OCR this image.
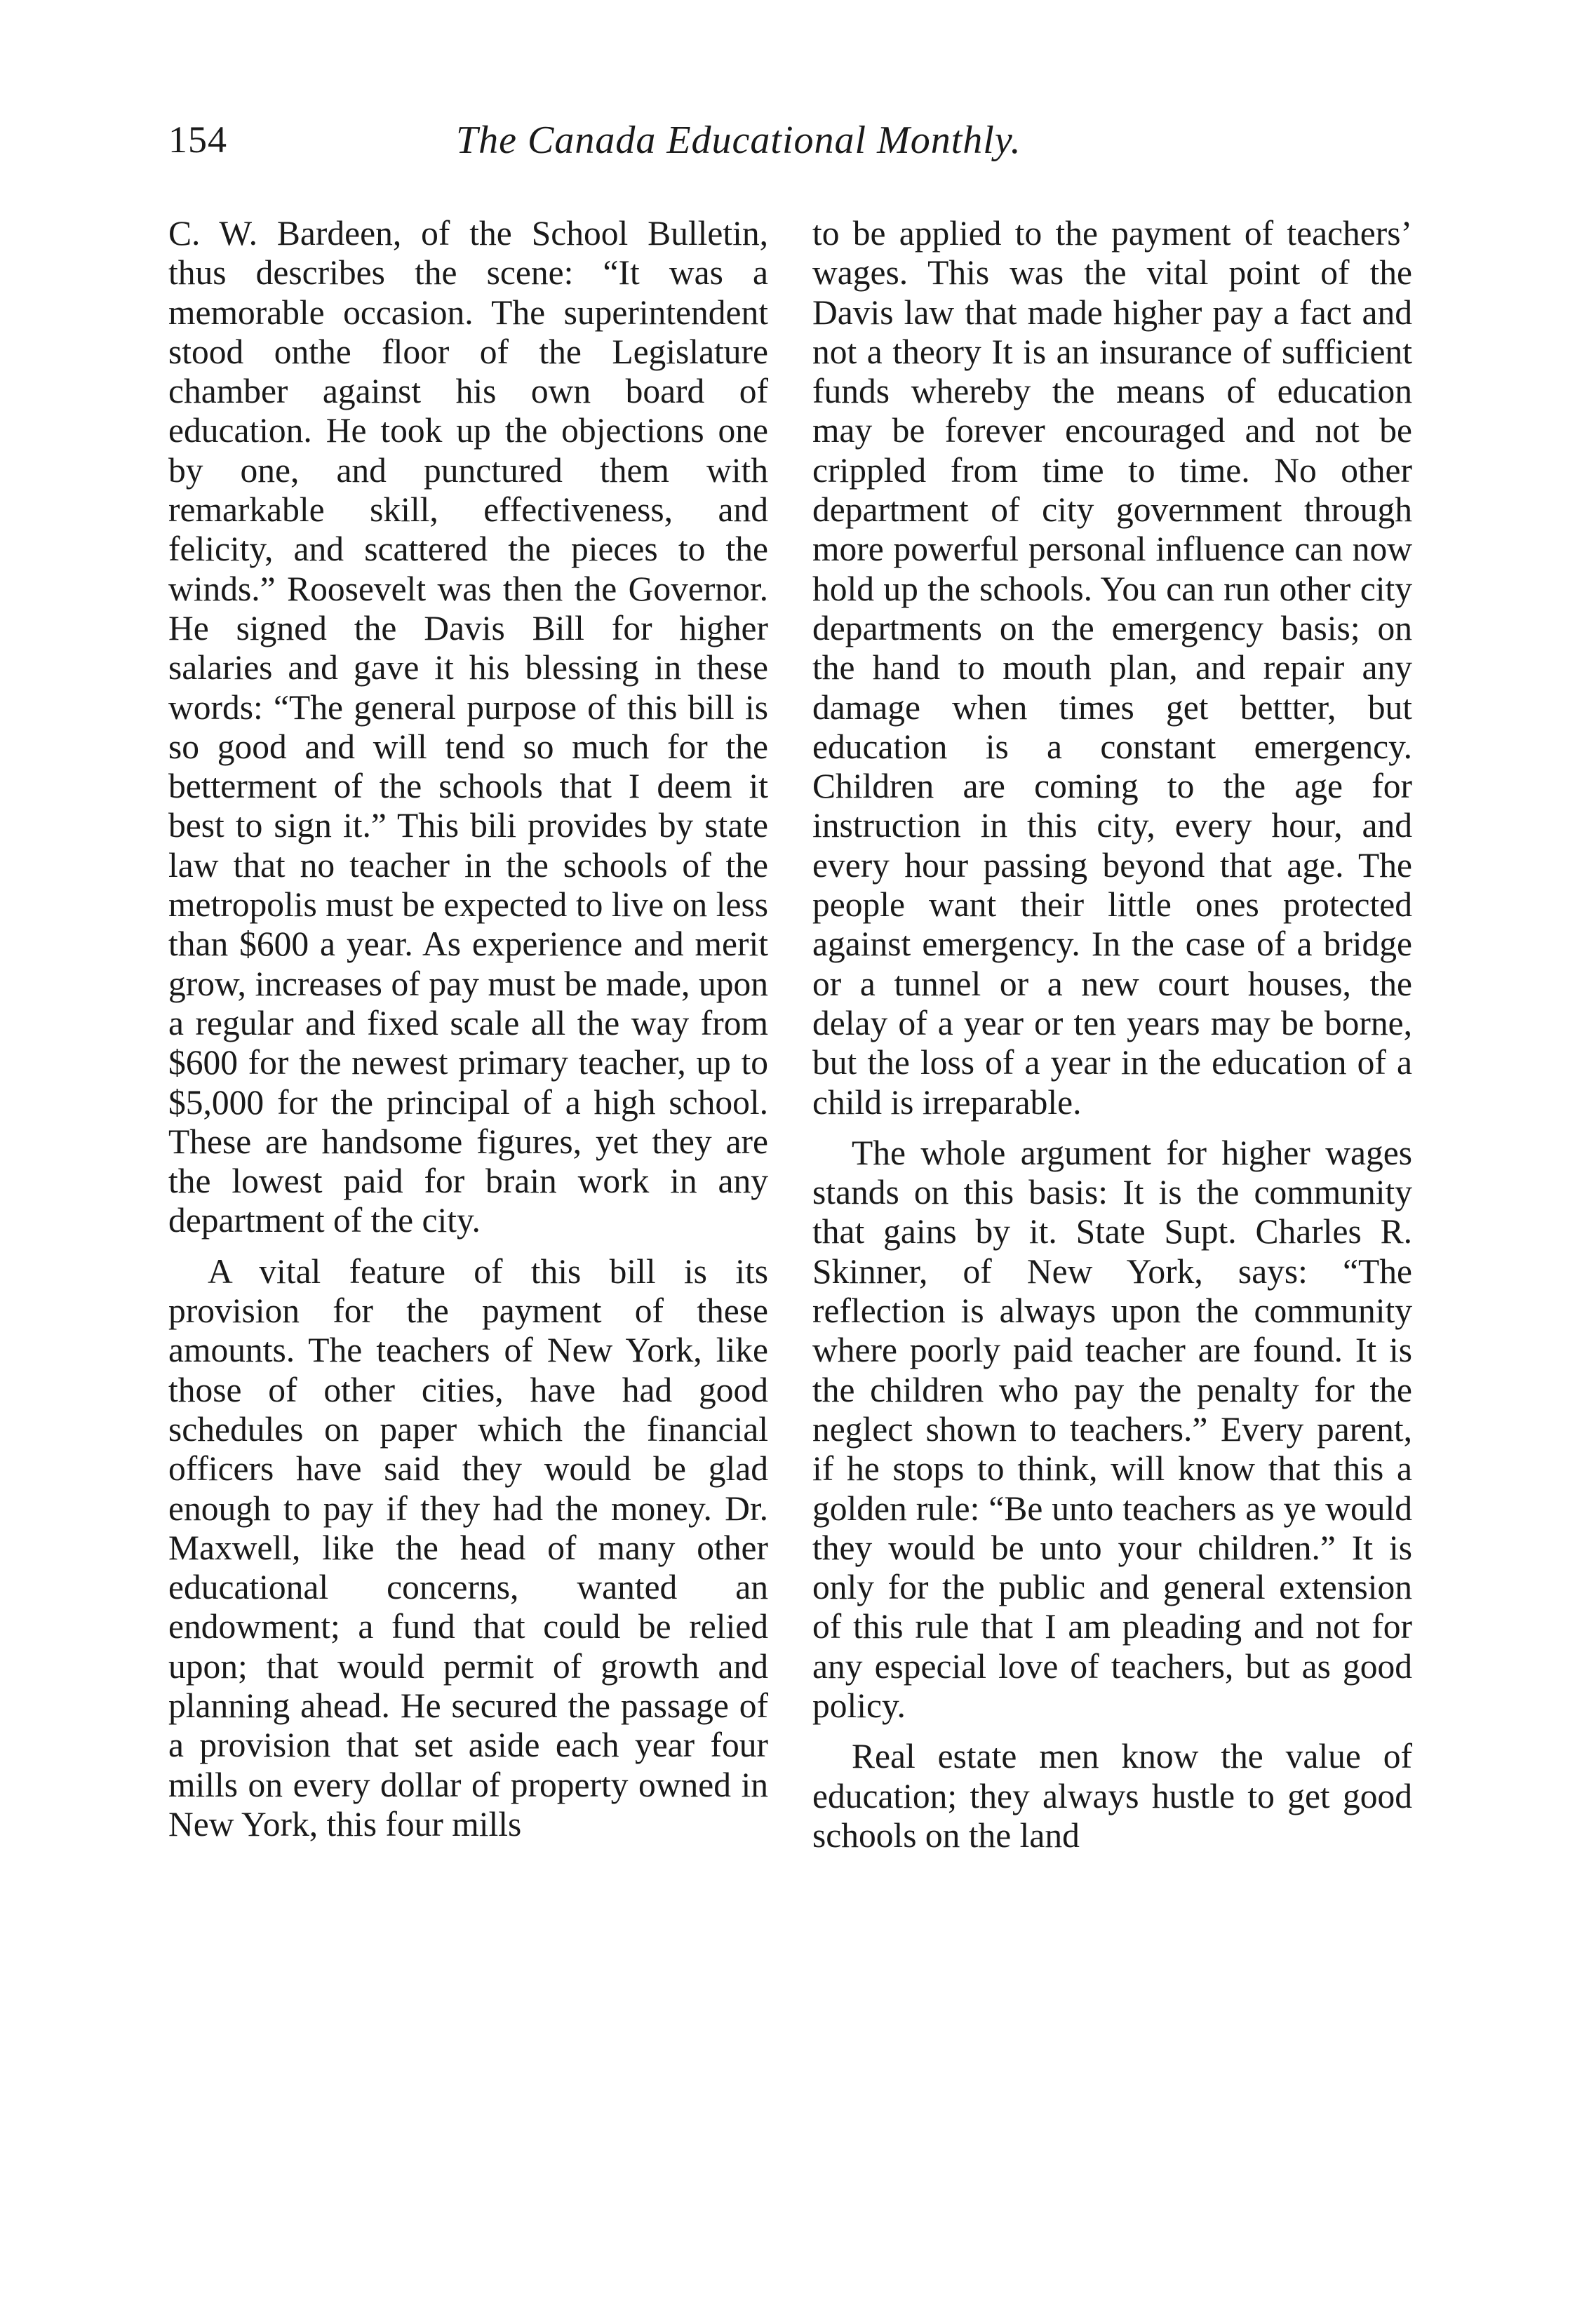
154	The Canada Educational Monthly.

C. W. Bardeen, of the School Bulletin, thus describes the scene: “It was a memorable occasion. The superintendent stood onthe floor of the Legislature chamber against his own board of education. He took up the objections one by one, and punctured them with remarkable skill, effectiveness, and felicity, and scattered the pieces to the winds.” Roosevelt was then the Governor. He signed the Davis Bill for higher salaries and gave it his blessing in these words: “The general purpose of this bill is so good and will tend so much for the betterment of the schools that I deem it best to sign it.” This bili provides by state law that no teacher in the schools of the metropolis must be expected to live on less than $600 a year. As experience and merit grow, increases of pay must be made, upon a regular and fixed scale all the way from $600 for the newest primary teacher, up to $5,000 for the principal of a high school. These are handsome figures, yet they are the lowest paid for brain work in any department of the city.

A vital feature of this bill is its provision for the payment of these amounts. The teachers of New York, like those of other cities, have had good schedules on paper which the financial officers have said they would be glad enough to pay if they had the money. Dr. Maxwell, like the head of many other educational concerns, wanted an endowment; a fund that could be relied upon; that would permit of growth and planning ahead. He secured the passage of a provision that set aside each year four mills on every dollar of property owned in New York, this four mills

to be applied to the payment of teachers’ wages. This was the vital point of the Davis law that made higher pay a fact and not a theory It is an insurance of sufficient funds whereby the means of education may be forever encouraged and not be crippled from time to time. No other department of city government through more powerful personal influence can now hold up the schools. You can run other city departments on the emergency basis; on the hand to mouth plan, and repair any damage when times get bettter, but education is a constant emergency. Children are coming to the age for instruction in this city, every hour, and every hour passing beyond that age. The people want their little ones protected against emergency. In the case of a bridge or a tunnel or a new court houses, the delay of a year or ten years may be borne, but the loss of a year in the education of a child is irreparable.

The whole argument for higher wages stands on this basis: It is the community that gains by it. State Supt. Charles R. Skinner, of New York, says: “The reflection is always upon the community where poorly paid teacher are found. It is the children who pay the penalty for the neglect shown to teachers.” Every parent, if he stops to think, will know that this a golden rule: “Be unto teachers as ye would they would be unto your children.” It is only for the public and general extension of this rule that I am pleading and not for any especial love of teachers, but as good policy.

Real estate men know the value of education; they always hustle to get good schools on the land
